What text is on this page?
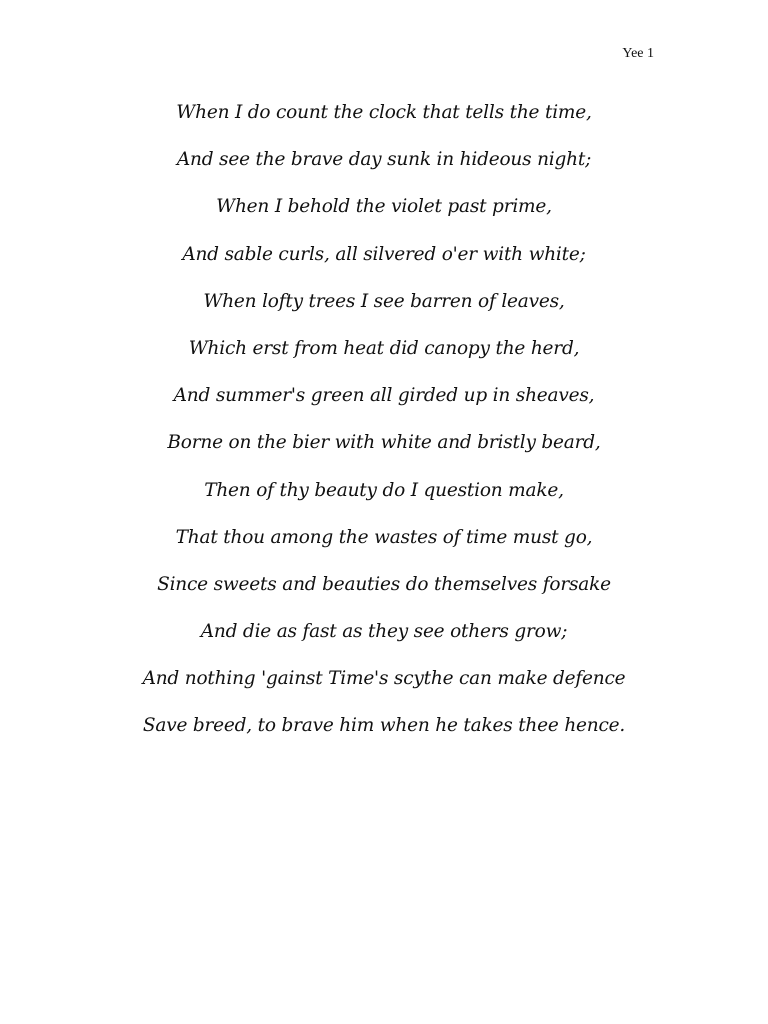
Yee 1
When I do count the clock that tells the time,
And see the brave day sunk in hideous night;
When I behold the violet past prime,
And sable curls, all silvered o'er with white;
When lofty trees I see barren of leaves,
Which erst from heat did canopy the herd,
And summer's green all girded up in sheaves,
Borne on the bier with white and bristly beard,
Then of thy beauty do I question make,
That thou among the wastes of time must go,
Since sweets and beauties do themselves forsake
And die as fast as they see others grow;
And nothing 'gainst Time's scythe can make defence
Save breed, to brave him when he takes thee hence.
